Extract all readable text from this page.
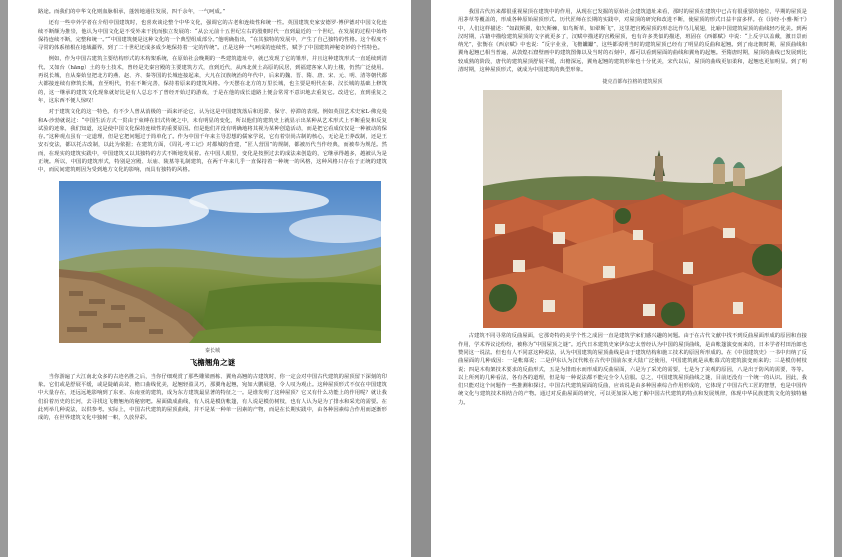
路途。而我们的中华文化则血脉相承，蓬勃地通往发展，四千余年，一气呵成。”

还有一些中外学者在介绍中国建筑时，也喜欢谈论整个中华文化，强调它的古老和连续性和统一性。英国建筑史家安德罗·博伊德对中国文化连续不断颇为推崇，他认为中国文化是不受外来干扰而独立发展的：“从公元前十五世纪左右的殷朝时代一直到最近的一个世纪，在发展的过程中始终保持连续不断，完整和统一。”“中国建筑便是这种文化的一个典型组成部分。”他明确指出，“在其独特的发展中，产生了自己独特的性格。这个程度不寻常的体系植根在地域疆界，到了二十世纪还成多成少地保持着一定的传统”。正是这种一气呵成的连续性，赋予了中国建筑神秘奇妙的个性特色。

例如，作为中国古建筑主要结构形式的木构架系统，在原始社会晚期的一些建筑遗址中，就已发现了它的雏形，并且这种建筑形式一直延续到清代。又如台（hāng）土的夯土技术，曾经是先秦宫殿的主要建筑方式，直到近代，从西北黄土高原的民居，到福建客家人的土楼，仍然广泛使用。再说长城，自从秦始皇把北方的燕、赵、齐、秦等国的长城连接起来，大凡在汉族统治的年代中，后来的魏、晋、隋、唐、宋、元、明、清等朝代都大都接连续有修筑长城，直至明代，仍在不断完善，保持着原来的建筑风格。今天摆在北方的万里长城，也主要是明代在秦、汉长城的基础上修筑的，这一继承的建筑文化现象就好比是有人总忘不了曾经开始过的游戏，于是在他的成长道路上便会常常不意识地去重复它。改进它，直到重复之年，这东西不便人惊叹！

对于建筑文化的这一特色，有不少人曾从消极的一面来评论它，认为这是中国建筑落后和迟滞、保守、停滞的表现。例如英国艺术史家L·佛克曼和A·沙勃就说过：“中国生活方式一贯由于束缚在旧式传统之中，未有明显的变化，所以他们的建筑史上就显示出某种从艺术形式上不断重复和反复试验的迹象，我们知道，这是使中国文化保持连续性的重要原因。但是他们并没有明确地将其视为某种创造活动，而是把它看成仅仅是一种被动的保存。”这种观点虽有一定道理，但是它把问题过于简单化了。作为中国千年来主导思想的儒家学说，它有着崇尚古制的核心，无论是王莽改制，还是王安石变法，都以托古改制，以此为依据；在建筑方面，《周礼·考工记》对都城的营建，“匠人营国”的规制，都被历代当作经典，而被奉为规范。然而，在现实的建筑实践中，中国建筑又以其独特的方式不断地发展着。在中国人眼里，变化是按照过去的成法来创造的，它继承得越多，越被认为是正统。所以，中国的建筑形式，特别是宫殿、坛庙、陵墓等礼制建筑，在两千年来几乎一直保持着一种统一的风格，这种风格只存在于正统的建筑中，而民间建筑则因为受到地方文化的影响，而具有独特的风格。

秦长城
飞檐翘角之谜

当你游遍了大江南北众多的古迹名胜之后，当你仔细观赏了那些雕梁画栋、翼角高翘的古建筑时，你一定会对中国古代建筑的屋顶留下深刻的印象。它们或是舒展平缓，或是陡峭高耸，檐口曲线优美，起翘轻盈灵巧，那翼角起翘，宛如大鹏展翅，令人叹为观止。这种屋顶形式不仅在中国建筑中大量存在，还远远地影响到了东亚、东南亚的建筑，成为东方建筑最显著的特征之一。是谁发明了这种屋顶？它又有什么功能上的作用呢？就让我们沿着历史的长河，去寻找这飞檐翘角的秘密吧。屋面做成曲线，有人说是模仿帐篷，有人说是模仿树枝，也有人认为是为了排水和采光的需要。在此列举几种说法，以供参考。实际上，中国古代建筑的屋顶曲线，并不是某一种单一因素的产物，而是在长期实践中，由各种因素综合作用而逐渐形成的，在世界建筑文化中独树一帜，久放异彩。

我国古代历来都很重视屋顶在建筑中的作用，从现在已发掘的原始社会建筑遗址来看，那时的屋顶在建筑中已占有很重要的地位，早期的屋顶是用茅草等覆盖的，形成各种原始屋顶形式。历代匠师在长期的实践中，对屋顶的研究和改进不断，使屋顶的形式日益丰富多样。在《诗经·小雅·斯干》中，人们这样描述：“如跂斯翼，如矢斯棘，如鸟斯革，如翚斯飞”，这里把宫殿屋顶的形态比作鸟儿展翅，比喻中国建筑屋顶的曲线轻巧优美。到两汉时期，古籍中描绘建筑屋顶的文字就更多了，汉赋中描述的宫殿屋顶，也有许多类似的描述，班固在《西都赋》中说：“上反宇以盖戴，激日景而纳光”，张衡在《西京赋》中也说：“反宇业业，飞檐钀钀”，这些都说明当时的建筑屋顶已经有了明显的反曲和起翘。到了南北朝时期，屋顶曲线和翼角起翘已相当普遍，从敦煌石窟壁画中的建筑图像以及当时的石刻中，都可以看到屋面的曲线和翼角的起翘。至隋唐时期，屋顶的曲线已发展到比较成熟的阶段，唐代的建筑屋顶舒展平缓，出檐深远，翼角起翘的建筑形象也十分优美，宋代以后，屋顶的曲线更加柔和，起翘也更加明显。到了明清时期，这种屋顶形式，就成为中国建筑的典型形象。

捷克首都布拉格的建筑屋顶

古建筑不同寻常的反曲屋面，它那奇特的美学个性之成因一直是建筑学家们感兴趣的问题。由于在古代文献中找不到反曲屋面形成的原因和直接作用，学术界议论纷纷，被称为“中国屋顶之谜”。近代日本建筑史家伊东忠太曾经认为中国的屋顶曲线，是由帐篷演变而来的，日本学者村田治郎也赞同这一说法。但也有人不同意这种说法，认为中国建筑的屋顶曲线是由于建筑结构和施工技术的原因所形成的。在《中国建筑史》一书中归纳了反曲屋面的几种成因：一是帐幕说；二是伊东认为汉代帐在古代中国前东亚大陆广泛使用，中国建筑就是从帐幕式的建筑演变而来的；三是模仿树枝说；四是木构架技术要求的反曲形式，五是为排雨水而形成的反曲屋面，六是为了采光的需要，七是为了美观的原因，八是出于防风的需要，等等。以上所列的几种看法，各有各的道理，但是每一种说法都不能完全令人信服。总之，中国建筑屋顶曲线之谜，目前还没有一个统一的认识。因此，我们只能对这个问题作一些推测和探讨。中国古代建筑屋面的反曲，应该说是由多种因素综合作用形成的，它体现了中国古代工匠的智慧，也是中国传统文化与建筑技术相结合的产物。通过对反曲屋面的研究，可以更加深入地了解中国古代建筑的特点和发展规律，体现中华民族建筑文化的独特魅力。
